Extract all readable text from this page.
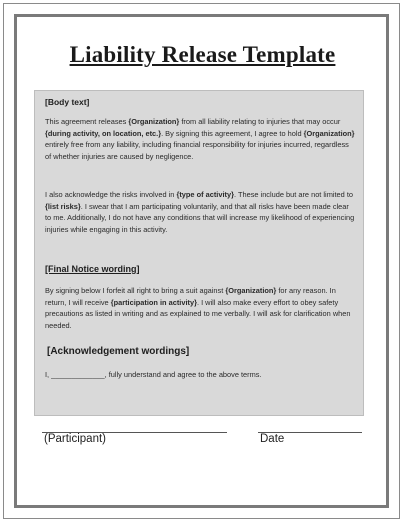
Liability Release Template
[Body text]
This agreement releases {Organization} from all liability relating to injuries that may occur {during activity, on location, etc.}. By signing this agreement, I agree to hold {Organization} entirely free from any liability, including financial responsibility for injuries incurred, regardless of whether injuries are caused by negligence.
I also acknowledge the risks involved in {type of activity}. These include but are not limited to {list risks}. I swear that I am participating voluntarily, and that all risks have been made clear to me. Additionally, I do not have any conditions that will increase my likelihood of experiencing injuries while engaging in this activity.
[Final Notice wording]
By signing below I forfeit all right to bring a suit against {Organization} for any reason. In return, I will receive {participation in activity}. I will also make every effort to obey safety precautions as listed in writing and as explained to me verbally. I will ask for clarification when needed.
[Acknowledgement wordings]
I, _____________, fully understand and agree to the above terms.
(Participant)	Date
